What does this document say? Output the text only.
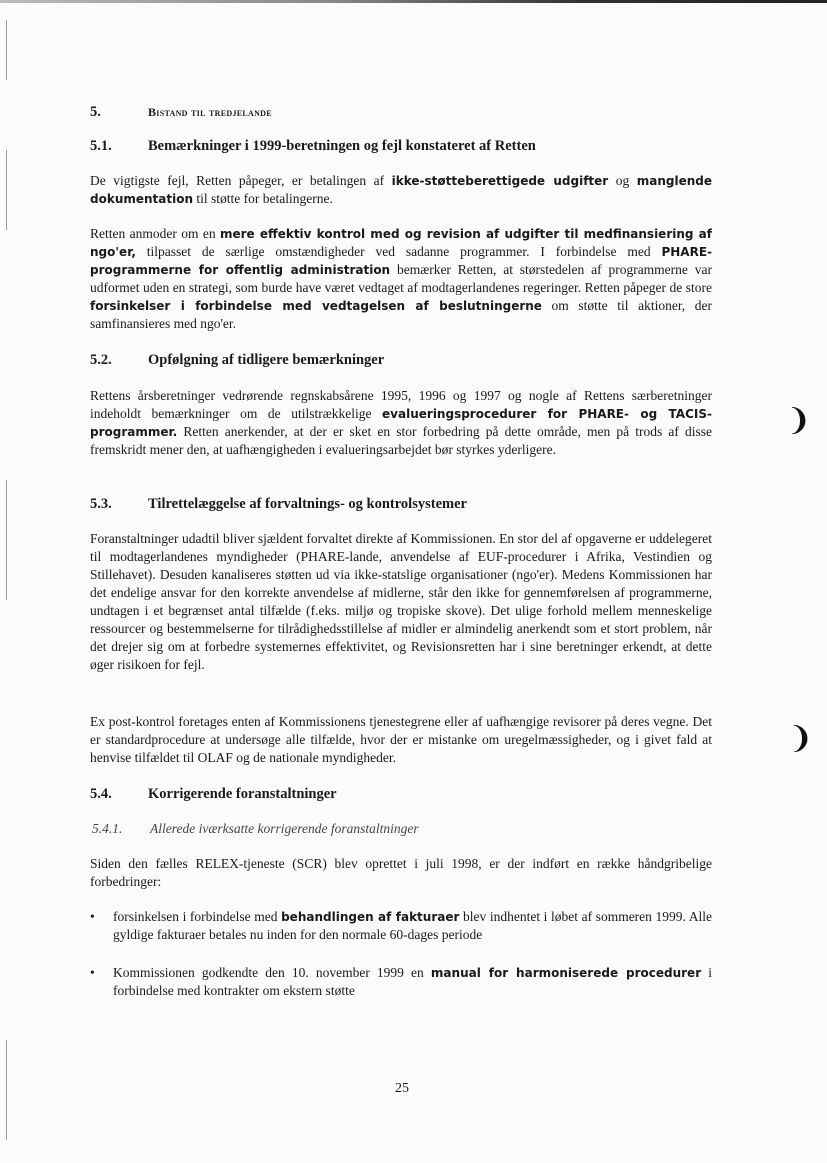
❩
❩
5.	Bistand til tredjelande
5.1.	Bemærkninger i 1999-beretningen og fejl konstateret af Retten
De vigtigste fejl, Retten påpeger, er betalingen af ikke-støtteberettigede udgifter og manglende dokumentation til støtte for betalingerne.
Retten anmoder om en mere effektiv kontrol med og revision af udgifter til medfinansiering af ngo'er, tilpasset de særlige omstændigheder ved sadanne programmer. I forbindelse med PHARE-programmerne for offentlig administration bemærker Retten, at størstedelen af programmerne var udformet uden en strategi, som burde have været vedtaget af modtagerlandenes regeringer. Retten påpeger de store forsinkelser i forbindelse med vedtagelsen af beslutningerne om støtte til aktioner, der samfinansieres med ngo'er.
5.2.	Opfølgning af tidligere bemærkninger
Rettens årsberetninger vedrørende regnskabsårene 1995, 1996 og 1997 og nogle af Rettens særberetninger indeholdt bemærkninger om de utilstrækkelige evalueringsprocedurer for PHARE- og TACIS-programmer. Retten anerkender, at der er sket en stor forbedring på dette område, men på trods af disse fremskridt mener den, at uafhængigheden i evalueringsarbejdet bør styrkes yderligere.
5.3.	Tilrettelæggelse af forvaltnings- og kontrolsystemer
Foranstaltninger udadtil bliver sjældent forvaltet direkte af Kommissionen. En stor del af opgaverne er uddelegeret til modtagerlandenes myndigheder (PHARE-lande, anvendelse af EUF-procedurer i Afrika, Vestindien og Stillehavet). Desuden kanaliseres støtten ud via ikke-statslige organisationer (ngo'er). Medens Kommissionen har det endelige ansvar for den korrekte anvendelse af midlerne, står den ikke for gennemførelsen af programmerne, undtagen i et begrænset antal tilfælde (f.eks. miljø og tropiske skove). Det ulige forhold mellem menneskelige ressourcer og bestemmelserne for tilrådighedsstillelse af midler er almindelig anerkendt som et stort problem, når det drejer sig om at forbedre systemernes effektivitet, og Revisionsretten har i sine beretninger erkendt, at dette øger risikoen for fejl.
Ex post-kontrol foretages enten af Kommissionens tjenestegrene eller af uafhængige revisorer på deres vegne. Det er standardprocedure at undersøge alle tilfælde, hvor der er mistanke om uregelmæssigheder, og i givet fald at henvise tilfældet til OLAF og de nationale myndigheder.
5.4.	Korrigerende foranstaltninger
5.4.1. Allerede iværksatte korrigerende foranstaltninger
Siden den fælles RELEX-tjeneste (SCR) blev oprettet i juli 1998, er der indført en række håndgribelige forbedringer:
• forsinkelsen i forbindelse med behandlingen af fakturaer blev indhentet i løbet af sommeren 1999. Alle gyldige fakturaer betales nu inden for den normale 60-dages periode
• Kommissionen godkendte den 10. november 1999 en manual for harmoniserede procedurer i forbindelse med kontrakter om ekstern støtte
25
